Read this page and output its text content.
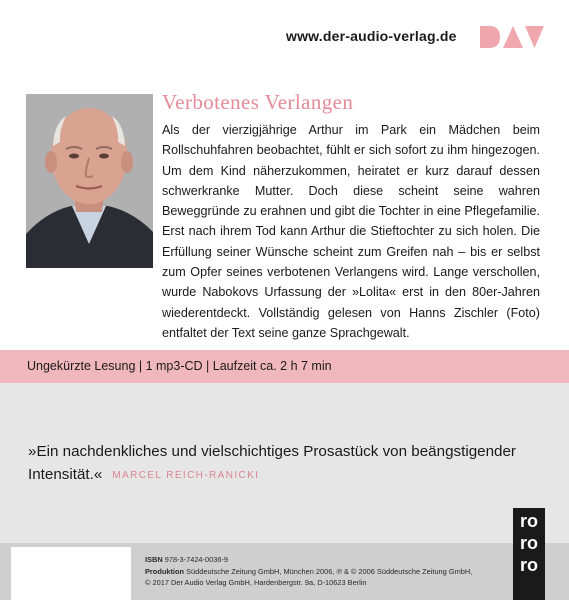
www.der-audio-verlag.de
Verbotenes Verlangen

Als der vierzigjährige Arthur im Park ein Mädchen beim Rollschuhfahren beobachtet, fühlt er sich sofort zu ihm hingezogen. Um dem Kind näherzukommen, heiratet er kurz darauf dessen schwerkranke Mutter. Doch diese scheint seine wahren Beweggründe zu erahnen und gibt die Tochter in eine Pflegefamilie. Erst nach ihrem Tod kann Arthur die Stieftochter zu sich holen. Die Erfüllung seiner Wünsche scheint zum Greifen nah – bis er selbst zum Opfer seines verbotenen Verlangens wird. Lange verschollen, wurde Nabokovs Urfassung der »Lolita« erst in den 80er-Jahren wiederentdeckt. Vollständig gelesen von Hanns Zischler (Foto) entfaltet der Text seine ganze Sprachgewalt.

Ungekürzte Lesung | 1 mp3-CD | Laufzeit ca. 2 h 7 min

»Ein nachdenkliches und vielschichtiges Prosastück von beängstigender Intensität.« MARCEL REICH-RANICKI

ISBN 978-3-7424-0036-9
Produktion Süddeutsche Zeitung GmbH, München 2006, ℗ & © 2006 Süddeutsche Zeitung GmbH,
© 2017 Der Audio Verlag GmbH, Hardenbergstr. 9a, D-10623 Berlin
ro
ro
ro
